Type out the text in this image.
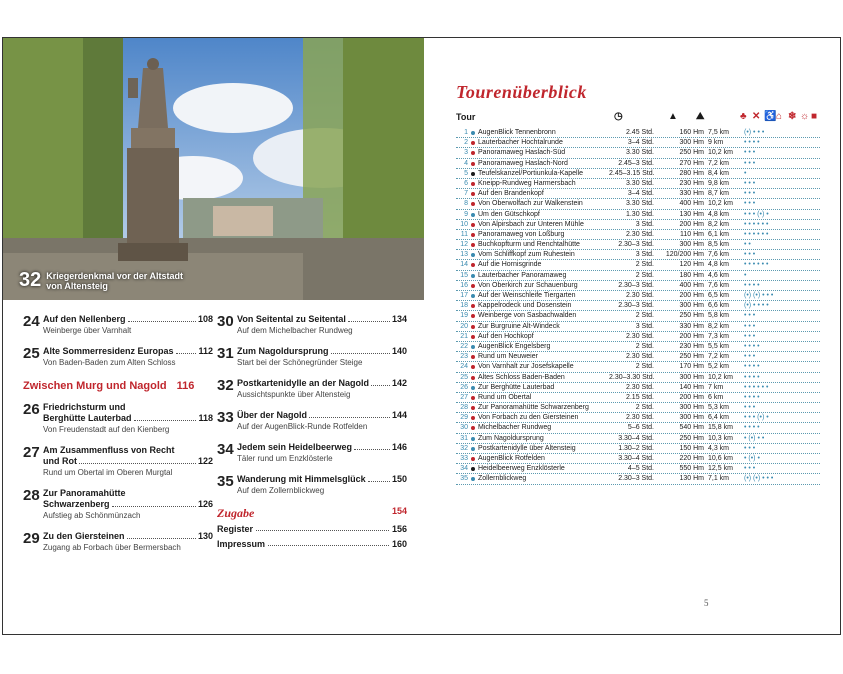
32 Kriegerdenkmal vor der Altstadt
von Altensteig
24 Auf den Nellenberg	108
Weinberge über Varnhalt
25 Alte Sommerresidenz Europas	112
Von Baden-Baden zum Alten Schloss
Zwischen Murg und Nagold 116
26 Friedrichsturm und
Berghütte Lauterbad	118
Von Freudenstadt auf den Kienberg
27 Am Zusammenfluss von Recht
und Rot	122
Rund um Obertal im Oberen Murgtal
28 Zur Panoramahütte
Schwarzenberg	126
Aufstieg ab Schönmünzach
29 Zu den Giersteinen	130
Zugang ab Forbach über Bermersbach
30 Von Seitental zu Seitental	134
Auf dem Michelbacher Rundweg
31 Zum Nagoldursprung	140
Start bei der Schönegründer Steige
32 Postkartenidylle an der Nagold	142
Aussichtspunkte über Altensteig
33 Über der Nagold	144
Auf der AugenBlick-Runde Rotfelden
34 Jedem sein Heidelbeerweg	146
Täler rund um Enzklösterle
35 Wanderung mit Himmelsglück	150
Auf dem Zollernblickweg
Zugabe	154
Register	156
Impressum	160
Tourenüberblick
Tour	◷	▲ ⛰	♣ ✕ ♿ ⌂ ❄ ☼ ■
1 AugenBlick Tennenbronn	2.45 Std.	160 Hm 7,5 km (•) • • •
2 Lauterbacher Hochtalrunde	3–4 Std.	300 Hm 9 km	• • • •
3 Panoramaweg Haslach-Süd	3.30 Std.	250 Hm 10,2 km • • •
4 Panoramaweg Haslach-Nord	2.45–3 Std.	270 Hm 7,2 km • • •
5 Teufelskanzel/Portiunkula-Kapelle	2.45–3.15 Std.	280 Hm 8,4 km •
6 Kneipp-Rundweg Harmersbach	3.30 Std.	230 Hm 9,8 km • • •
7 Auf den Brandenkopf	3–4 Std.	330 Hm 8,7 km • • •
8 Von Oberwolfach zur Walkenstein	3.30 Std.	400 Hm 10,2 km • • •
9 Um den Gütschkopf	1.30 Std.	130 Hm 4,8 km • • • (•) •
10 Von Alpirsbach zur Unteren Mühle	3 Std.	200 Hm 8,2 km • • • • • •
11 Panoramaweg von Loßburg	2.30 Std.	110 Hm 6,1 km • • • • • •
12 Buchkopfturm und Renchtalhütte	2.30–3 Std.	300 Hm 8,5 km • •
13 Vom Schliffkopf zum Ruhestein	3 Std.	120/200 Hm 7,6 km • • •
14 Auf die Hornisgrinde	2 Std.	120 Hm 4,8 km • • • • • •
15 Lauterbacher Panoramaweg	2 Std.	180 Hm 4,6 km •
16 Von Oberkirch zur Schauenburg	2.30–3 Std.	400 Hm 7,6 km • • • •
17 Auf der Weinschleife Tiergarten	2.30 Std.	200 Hm 6,5 km (•) (•) • • •
18 Kappelrodeck und Dosenstein	2.30–3 Std.	300 Hm 6,6 km (•) • • • •
19 Weinberge von Sasbachwalden	2 Std.	250 Hm 5,8 km • • •
20 Zur Burgruine Alt-Windeck	3 Std.	330 Hm 8,2 km • • •
21 Auf den Hochkopf	2.30 Std.	200 Hm 7,3 km • • •
22 AugenBlick Engelsberg	2 Std.	230 Hm 5,5 km • • • •
23 Rund um Neuweier	2.30 Std.	250 Hm 7,2 km • • •
24 Von Varnhalt zur Josefskapelle	2 Std.	170 Hm 5,2 km • • • •
25 Altes Schloss Baden-Baden	2.30–3.30 Std.	300 Hm 10,2 km • • • •
26 Zur Berghütte Lauterbad	2.30 Std.	140 Hm 7 km	• • • • • •
27 Rund um Obertal	2.15 Std.	200 Hm 6 km	• • • •
28 Zur Panoramahütte Schwarzenberg	2 Std.	300 Hm 5,3 km • • •
29 Von Forbach zu den Giersteinen	2.30 Std.	300 Hm 6,4 km • • • (•) •
30 Michelbacher Rundweg	5–6 Std.	540 Hm 15,8 km • • • •
31 Zum Nagoldursprung	3.30–4 Std.	250 Hm 10,3 km • (•) • •
32 Postkartenidylle über Altensteig	1.30–2 Std.	150 Hm 4,3 km • • •
33 AugenBlick Rotfelden	3.30–4 Std.	220 Hm 10,6 km • (•) •
34 Heidelbeerweg Enzklösterle	4–5 Std.	550 Hm 12,5 km • • •
35 Zollernblickweg	2.30–3 Std.	130 Hm 7,1 km (•) (•) • • •
5
